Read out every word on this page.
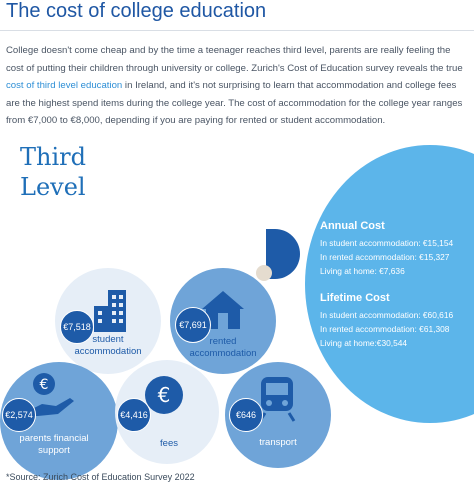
The cost of college education
College doesn't come cheap and by the time a teenager reaches third level, parents are really feeling the cost of putting their children through university or college. Zurich's Cost of Education survey reveals the true cost of third level education in Ireland, and it's not surprising to learn that accommodation and college fees are the highest spend items during the college year. The cost of accommodation for the college year ranges from €7,000 to €8,000, depending if you are paying for rented or student accommodation.
Third
Level
Annual Cost
In student accommodation: €15,154
In rented accommodation: €15,327
Living at home: €7,636
Lifetime Cost
In student accommodation: €60,616
In rented accommodation: €61,308
Living at home:€30,544
€7,518
student
accommodation
€7,691
rented
accommodation
€
€2,574
parents financial
support
€
€4,416
fees
€646
transport
*Source: Zurich Cost of Education Survey 2022
